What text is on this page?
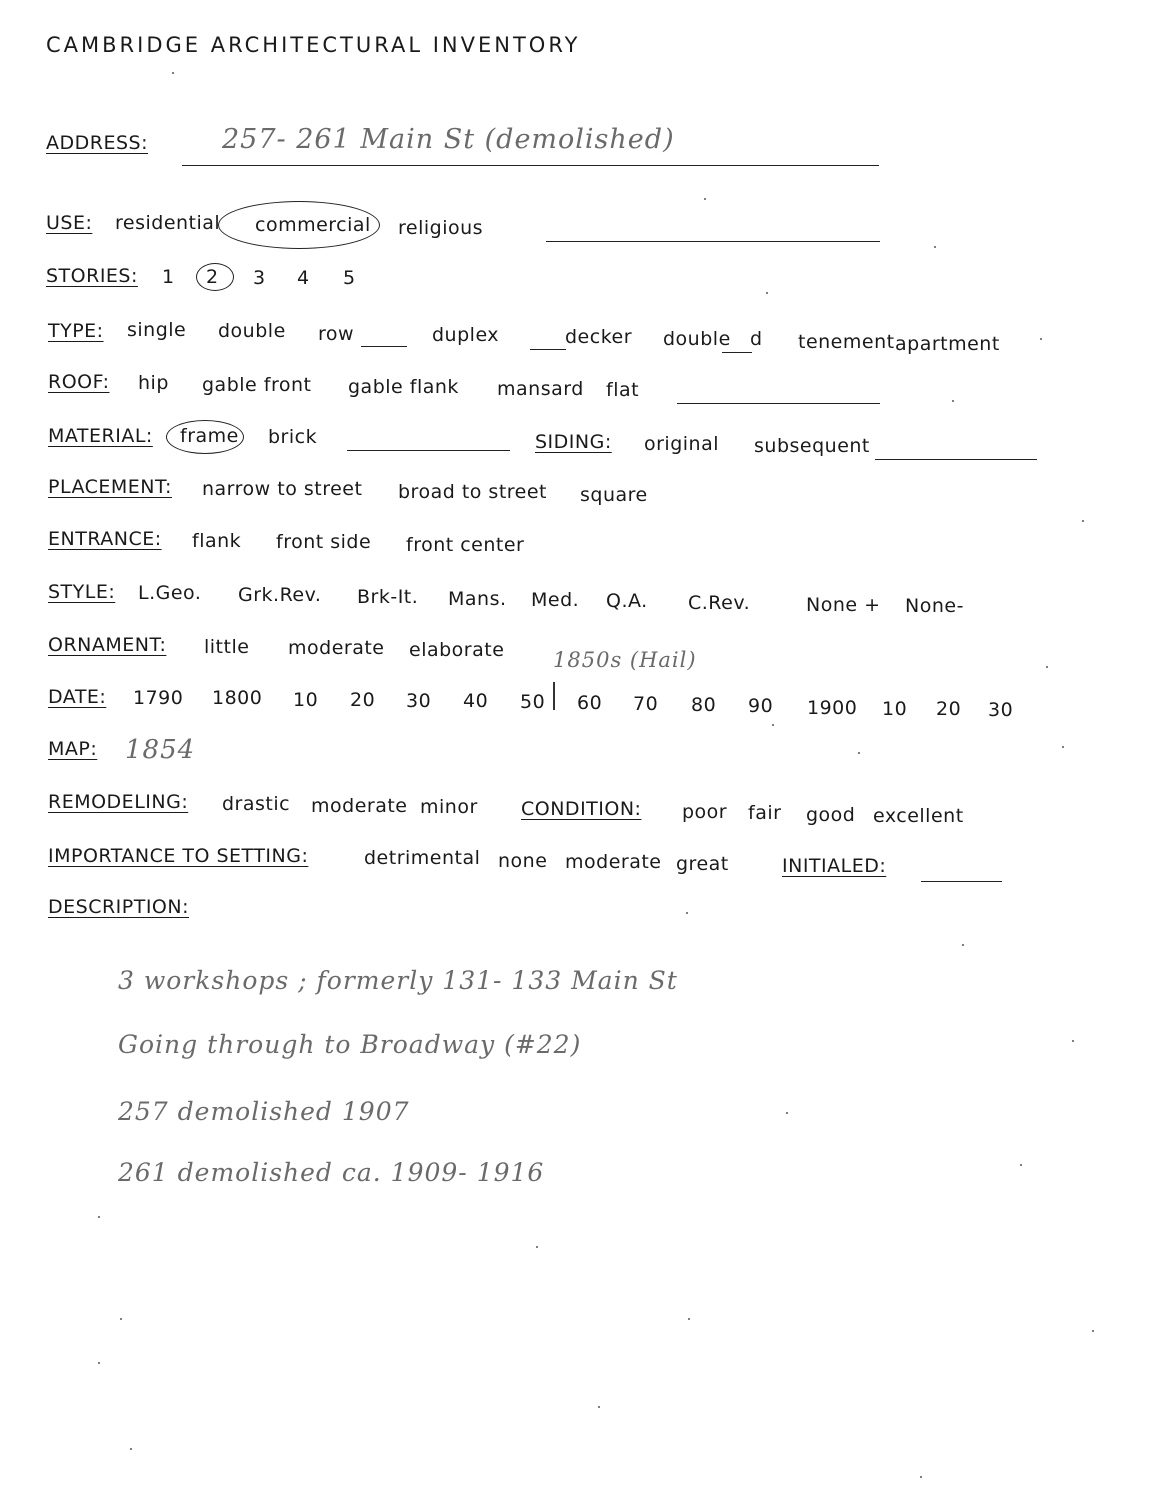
CAMBRIDGE ARCHITECTURAL INVENTORY
ADDRESS:	257- 261 Main St (demolished)
USE: residential commercial religious
STORIES: 1 2 3 4 5
TYPE: single double row	duplex	decker double d tenement apartment
ROOF: hip gable front gable flank mansard flat
MATERIAL: frame brick	SIDING: original subsequent
PLACEMENT: narrow to street broad to street square
ENTRANCE: flank front side front center
STYLE: L.Geo. Grk.Rev. Brk-It. Mans. Med. Q.A. C.Rev.	None + None-
ORNAMENT: little moderate elaborate 1850s (Hail)
DATE: 1790 1800 10 20 30 40 50 60 70 80 90 1900 10 20 30
MAP: 1854
REMODELING: drastic moderate minor CONDITION: poor fair good excellent
IMPORTANCE TO SETTING:	detrimental none moderate great	INITIALED:
DESCRIPTION:
3 workshops ; formerly 131- 133 Main St
Going through to Broadway (#22)
257 demolished 1907
261 demolished ca. 1909- 1916
